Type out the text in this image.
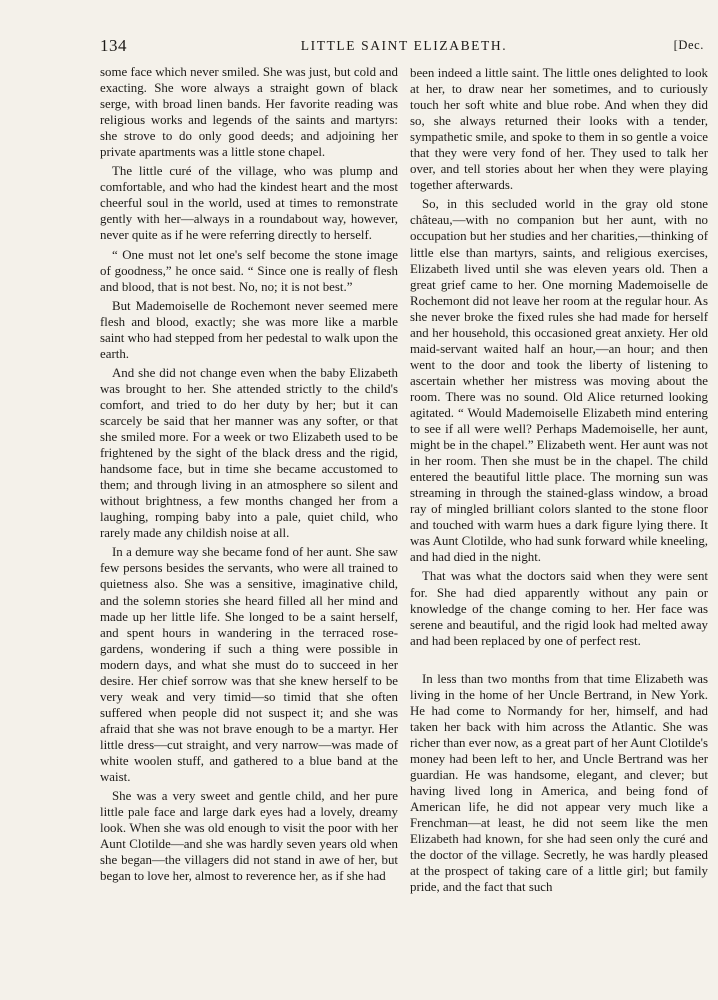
134	LITTLE SAINT ELIZABETH.	[Dec.

some face which never smiled. She was just, but cold and exacting. She wore always a straight gown of black serge, with broad linen bands. Her favorite reading was religious works and legends of the saints and martyrs: she strove to do only good deeds; and adjoining her private apartments was a little stone chapel.

The little curé of the village, who was plump and comfortable, and who had the kindest heart and the most cheerful soul in the world, used at times to remonstrate gently with her—always in a roundabout way, however, never quite as if he were referring directly to herself.

“ One must not let one's self become the stone image of goodness,” he once said. “ Since one is really of flesh and blood, that is not best. No, no; it is not best.”

But Mademoiselle de Rochemont never seemed mere flesh and blood, exactly; she was more like a marble saint who had stepped from her pedestal to walk upon the earth.

And she did not change even when the baby Elizabeth was brought to her. She attended strictly to the child's comfort, and tried to do her duty by her; but it can scarcely be said that her manner was any softer, or that she smiled more. For a week or two Elizabeth used to be frightened by the sight of the black dress and the rigid, handsome face, but in time she became accustomed to them; and through living in an atmosphere so silent and without brightness, a few months changed her from a laughing, romping baby into a pale, quiet child, who rarely made any childish noise at all.

In a demure way she became fond of her aunt. She saw few persons besides the servants, who were all trained to quietness also. She was a sensitive, imaginative child, and the solemn stories she heard filled all her mind and made up her little life. She longed to be a saint herself, and spent hours in wandering in the terraced rose-gardens, wondering if such a thing were possible in modern days, and what she must do to succeed in her desire. Her chief sorrow was that she knew herself to be very weak and very timid—so timid that she often suffered when people did not suspect it; and she was afraid that she was not brave enough to be a martyr. Her little dress—cut straight, and very narrow—was made of white woolen stuff, and gathered to a blue band at the waist.

She was a very sweet and gentle child, and her pure little pale face and large dark eyes had a lovely, dreamy look. When she was old enough to visit the poor with her Aunt Clotilde—and she was hardly seven years old when she began—the villagers did not stand in awe of her, but began to love her, almost to reverence her, as if she had

been indeed a little saint. The little ones delighted to look at her, to draw near her sometimes, and to curiously touch her soft white and blue robe. And when they did so, she always returned their looks with a tender, sympathetic smile, and spoke to them in so gentle a voice that they were very fond of her. They used to talk her over, and tell stories about her when they were playing together afterwards.

So, in this secluded world in the gray old stone château,—with no companion but her aunt, with no occupation but her studies and her charities,—thinking of little else than martyrs, saints, and religious exercises, Elizabeth lived until she was eleven years old. Then a great grief came to her. One morning Mademoiselle de Rochemont did not leave her room at the regular hour. As she never broke the fixed rules she had made for herself and her household, this occasioned great anxiety. Her old maid-servant waited half an hour,—an hour; and then went to the door and took the liberty of listening to ascertain whether her mistress was moving about the room. There was no sound. Old Alice returned looking agitated. “ Would Mademoiselle Elizabeth mind entering to see if all were well? Perhaps Mademoiselle, her aunt, might be in the chapel.” Elizabeth went. Her aunt was not in her room. Then she must be in the chapel. The child entered the beautiful little place. The morning sun was streaming in through the stained-glass window, a broad ray of mingled brilliant colors slanted to the stone floor and touched with warm hues a dark figure lying there. It was Aunt Clotilde, who had sunk forward while kneeling, and had died in the night.

That was what the doctors said when they were sent for. She had died apparently without any pain or knowledge of the change coming to her. Her face was serene and beautiful, and the rigid look had melted away and had been replaced by one of perfect rest.

In less than two months from that time Elizabeth was living in the home of her Uncle Bertrand, in New York. He had come to Normandy for her, himself, and had taken her back with him across the Atlantic. She was richer than ever now, as a great part of her Aunt Clotilde's money had been left to her, and Uncle Bertrand was her guardian. He was handsome, elegant, and clever; but having lived long in America, and being fond of American life, he did not appear very much like a Frenchman—at least, he did not seem like the men Elizabeth had known, for she had seen only the curé and the doctor of the village. Secretly, he was hardly pleased at the prospect of taking care of a little girl; but family pride, and the fact that such
